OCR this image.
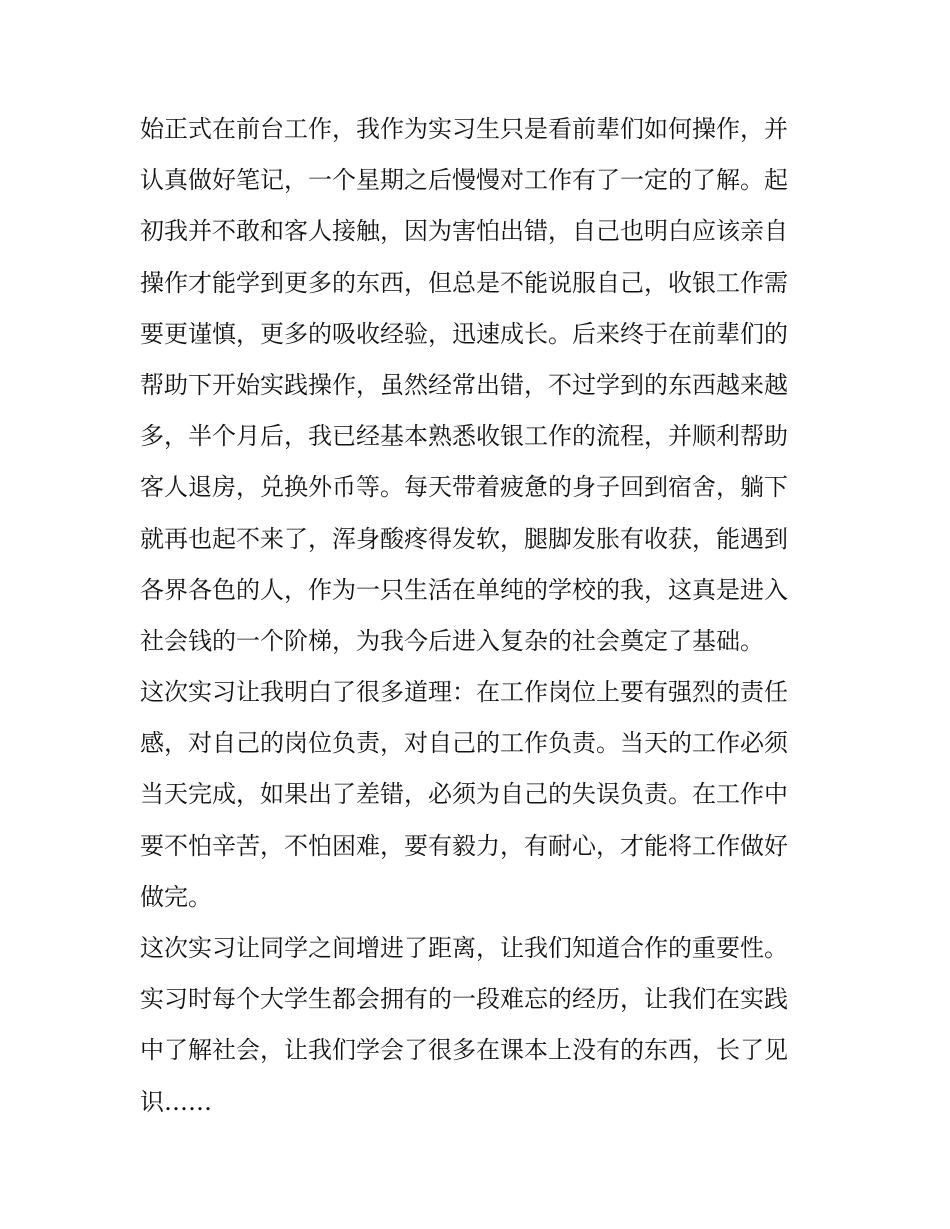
始正式在前台工作，我作为实习生只是看前辈们如何操作，并
认真做好笔记，一个星期之后慢慢对工作有了一定的了解。起
初我并不敢和客人接触，因为害怕出错，自己也明白应该亲自
操作才能学到更多的东西，但总是不能说服自己，收银工作需
要更谨慎，更多的吸收经验，迅速成长。后来终于在前辈们的
帮助下开始实践操作，虽然经常出错，不过学到的东西越来越
多，半个月后，我已经基本熟悉收银工作的流程，并顺利帮助
客人退房，兑换外币等。每天带着疲惫的身子回到宿舍，躺下
就再也起不来了，浑身酸疼得发软，腿脚发胀有收获，能遇到
各界各色的人，作为一只生活在单纯的学校的我，这真是进入
社会钱的一个阶梯，为我今后进入复杂的社会奠定了基础。
这次实习让我明白了很多道理：在工作岗位上要有强烈的责任
感，对自己的岗位负责，对自己的工作负责。当天的工作必须
当天完成，如果出了差错，必须为自己的失误负责。在工作中
要不怕辛苦，不怕困难，要有毅力，有耐心，才能将工作做好
做完。
这次实习让同学之间增进了距离，让我们知道合作的重要性。
实习时每个大学生都会拥有的一段难忘的经历，让我们在实践
中了解社会，让我们学会了很多在课本上没有的东西，长了见
识……
